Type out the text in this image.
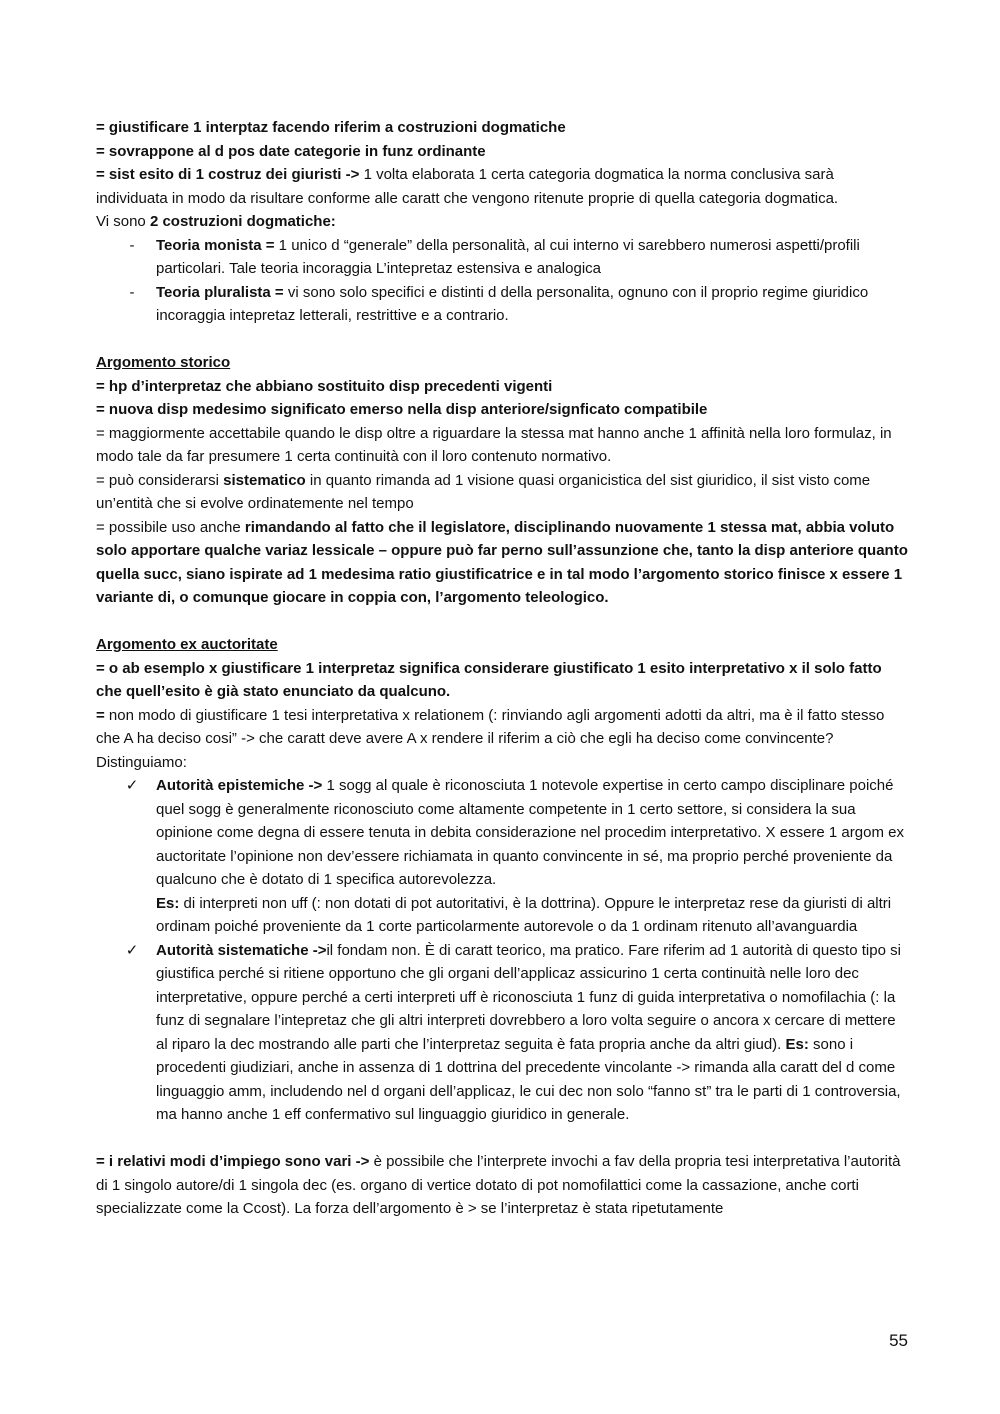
= giustificare 1 interptaz facendo riferim a costruzioni dogmatiche

= sovrappone al d pos date categorie in funz ordinante

= sist esito di 1 costruz dei giuristi -> 1 volta elaborata 1 certa categoria dogmatica la norma conclusiva sarà individuata in modo da risultare conforme alle caratt che vengono ritenute proprie di quella categoria dogmatica.

Vi sono 2 costruzioni dogmatiche:

-	Teoria monista = 1 unico d “generale” della personalità, al cui interno vi sarebbero numerosi aspetti/profili particolari. Tale teoria incoraggia L’intepretaz estensiva e analogica
-	Teoria pluralista = vi sono solo specifici e distinti d della personalita, ognuno con il proprio regime giuridico incoraggia intepretaz letterali, restrittive e a contrario.

Argomento storico

= hp d’interpretaz che abbiano sostituito disp precedenti vigenti

= nuova disp medesimo significato emerso nella disp anteriore/signficato compatibile

= maggiormente accettabile quando le disp oltre a riguardare la stessa mat hanno anche 1 affinità nella loro formulaz, in modo tale da far presumere 1 certa continuità con il loro contenuto normativo.

= può considerarsi sistematico in quanto rimanda ad 1 visione quasi organicistica del sist giuridico, il sist visto come un’entità che si evolve ordinatemente nel tempo

= possibile uso anche rimandando al fatto che il legislatore, disciplinando nuovamente 1 stessa mat, abbia voluto solo apportare qualche variaz lessicale – oppure può far perno sull’assunzione che, tanto la disp anteriore quanto quella succ, siano ispirate ad 1 medesima ratio giustificatrice e in tal modo l’argomento storico finisce x essere 1 variante di, o comunque giocare in coppia con, l’argomento teleologico.

Argomento ex auctoritate

= o ab esemplo x giustificare 1 interpretaz significa considerare giustificato 1 esito interpretativo x il solo fatto che quell’esito è già stato enunciato da qualcuno.

= non modo di giustificare 1 tesi interpretativa x relationem (: rinviando agli argomenti adotti da altri, ma è il fatto stesso che A ha deciso cosi” -> che caratt deve avere A x rendere il riferim a ciò che egli ha deciso come convincente?

Distinguiamo:

✓ Autorità epistemiche -> 1 sogg al quale è riconosciuta 1 notevole expertise in certo campo disciplinare poiché quel sogg è generalmente riconosciuto come altamente competente in 1 certo settore, si considera la sua opinione come degna di essere tenuta in debita considerazione nel procedim interpretativo. X essere 1 argom ex auctoritate l’opinione non dev’essere richiamata in quanto convincente in sé, ma proprio perché proveniente da qualcuno che è dotato di 1 specifica autorevolezza.
Es: di interpreti non uff (: non dotati di pot autoritativi, è la dottrina). Oppure le interpretaz rese da giuristi di altri ordinam poiché proveniente da 1 corte particolarmente autorevole o da 1 ordinam ritenuto all’avanguardia
✓ Autorità sistematiche ->il fondam non. È di caratt teorico, ma pratico. Fare riferim ad 1 autorità di questo tipo si giustifica perché si ritiene opportuno che gli organi dell’applicaz assicurino 1 certa continuità nelle loro dec interpretative, oppure perché a certi interpreti uff è riconosciuta 1 funz di guida interpretativa o nomofilachia (: la funz di segnalare l’intepretaz che gli altri interpreti dovrebbero a loro volta seguire o ancora x cercare di mettere al riparo la dec mostrando alle parti che l’interpretaz seguita è fata propria anche da altri giud). Es: sono i procedenti giudiziari, anche in assenza di 1 dottrina del precedente vincolante -> rimanda alla caratt del d come linguaggio amm, includendo nel d organi dell’applicaz, le cui dec non solo “fanno st” tra le parti di 1 controversia, ma hanno anche 1 eff confermativo sul linguaggio giuridico in generale.

= i relativi modi d’impiego sono vari -> è possibile che l’interprete invochi a fav della propria tesi interpretativa l’autorità di 1 singolo autore/di 1 singola dec (es. organo di vertice dotato di pot nomofilattici come la cassazione, anche corti specializzate come la Ccost). La forza dell’argomento è > se l’interpretaz è stata ripetutamente

55
